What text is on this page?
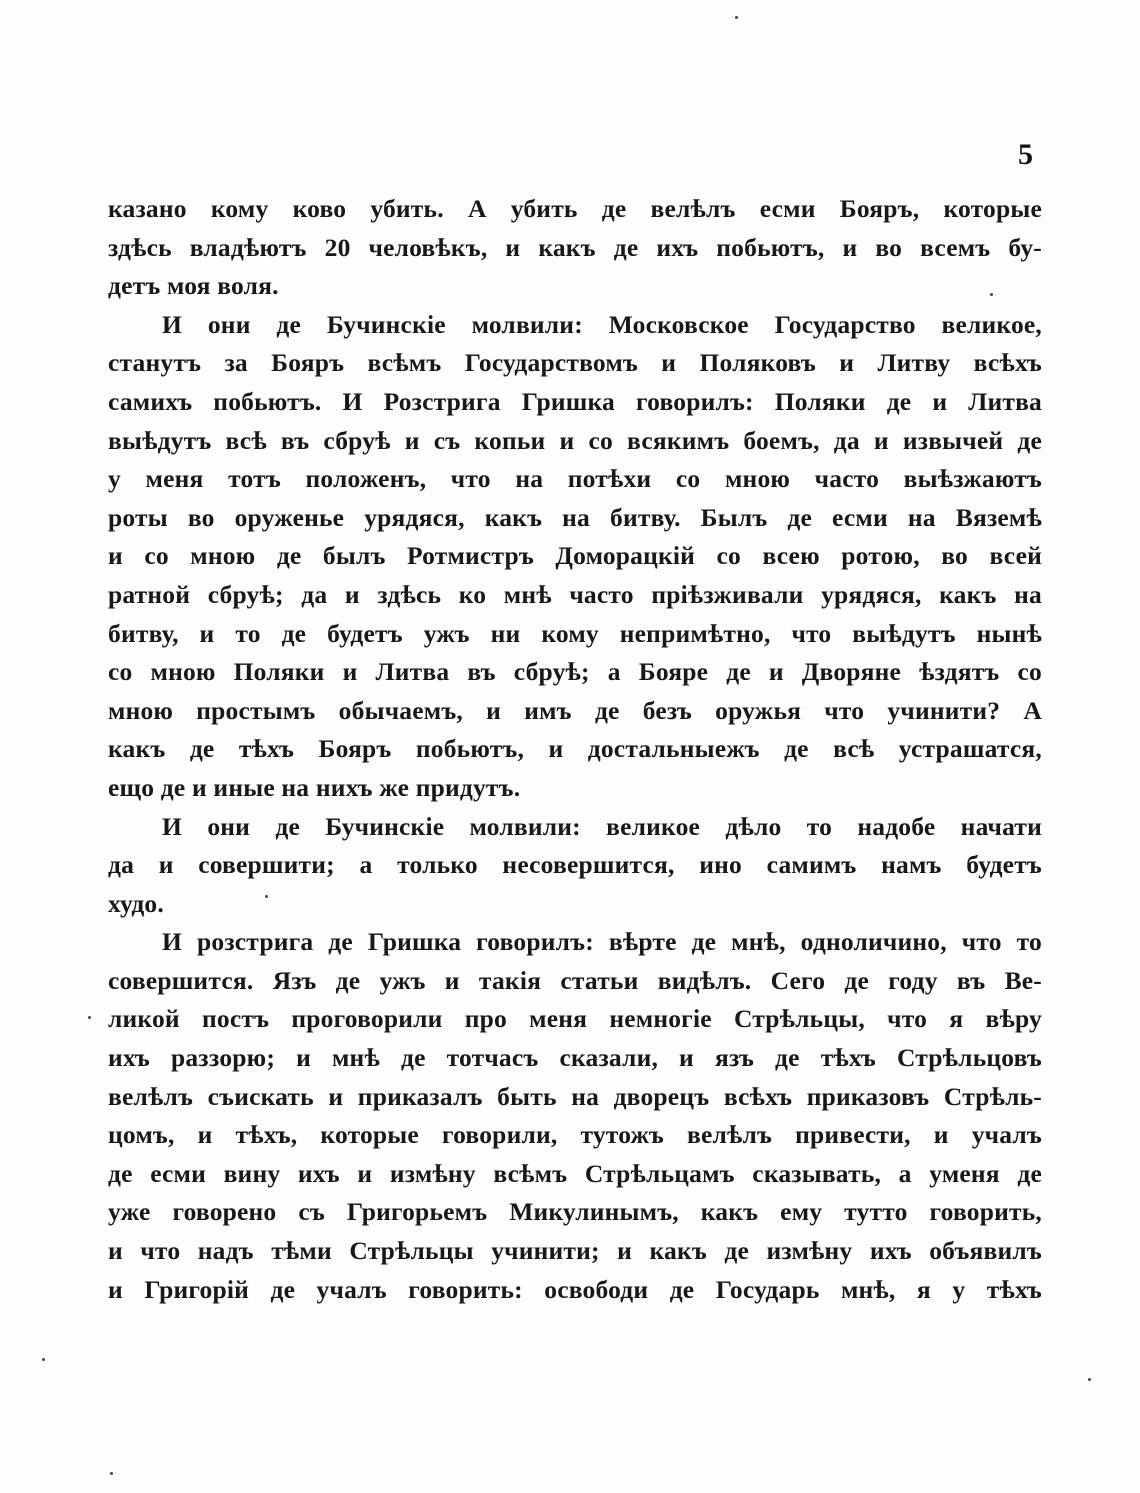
5

казано кому ково убить. А убить де велѣлъ есми Бояръ, которые
здѣсь владѣютъ 20 человѣкъ, и какъ де ихъ побьютъ, и во всемъ бу-
детъ моя воля.

И они де Бучинскіе молвили: Московское Государство великое,
станутъ за Бояръ всѣмъ Государствомъ и Поляковъ и Литву всѣхъ
самихъ побьютъ. И Розстрига Гришка говорилъ: Поляки де и Литва
выѣдутъ всѣ въ сбруѣ и съ копьи и со всякимъ боемъ, да и извычей де
у меня тотъ положенъ, что на потѣхи со мною часто выѣзжаютъ
роты во оруженье урядяся, какъ на битву. Былъ де есми на Вяземѣ
и со мною де былъ Ротмистръ Доморацкій со всею ротою, во всей
ратной сбруѣ; да и здѣсь ко мнѣ часто пріѣзживали урядяся, какъ на
битву, и то де будетъ ужъ ни кому непримѣтно, что выѣдутъ нынѣ
со мною Поляки и Литва въ сбруѣ; а Бояре де и Дворяне ѣздятъ со
мною простымъ обычаемъ, и имъ де безъ оружья что учинити? А
какъ де тѣхъ Бояръ побьютъ, и достальныежъ де всѣ устрашатся,
ещо де и иные на нихъ же придутъ.

И они де Бучинскіе молвили: великое дѣло то надобе начати
да и совершити; а только несовершится, ино самимъ намъ будетъ
худо.

И розстрига де Гришка говорилъ: вѣрте де мнѣ, одноличино, что то
совершится. Язъ де ужъ и такія статьи видѣлъ. Сего де году въ Ве-
ликой постъ проговорили про меня немногіе Стрѣльцы, что я вѣру
ихъ раззорю; и мнѣ де тотчасъ сказали, и язъ де тѣхъ Стрѣльцовъ
велѣлъ съискать и приказалъ быть на дворецъ всѣхъ приказовъ Стрѣль-
цомъ, и тѣхъ, которые говорили, тутожъ велѣлъ привести, и учалъ
де есми вину ихъ и измѣну всѣмъ Стрѣльцамъ сказывать, а уменя де
уже говорено съ Григорьемъ Микулинымъ, какъ ему тутто говорить,
и что надъ тѣми Стрѣльцы учинити; и какъ де измѣну ихъ объявилъ
и Григорій де учалъ говорить: освободи де Государь мнѣ, я у тѣхъ
